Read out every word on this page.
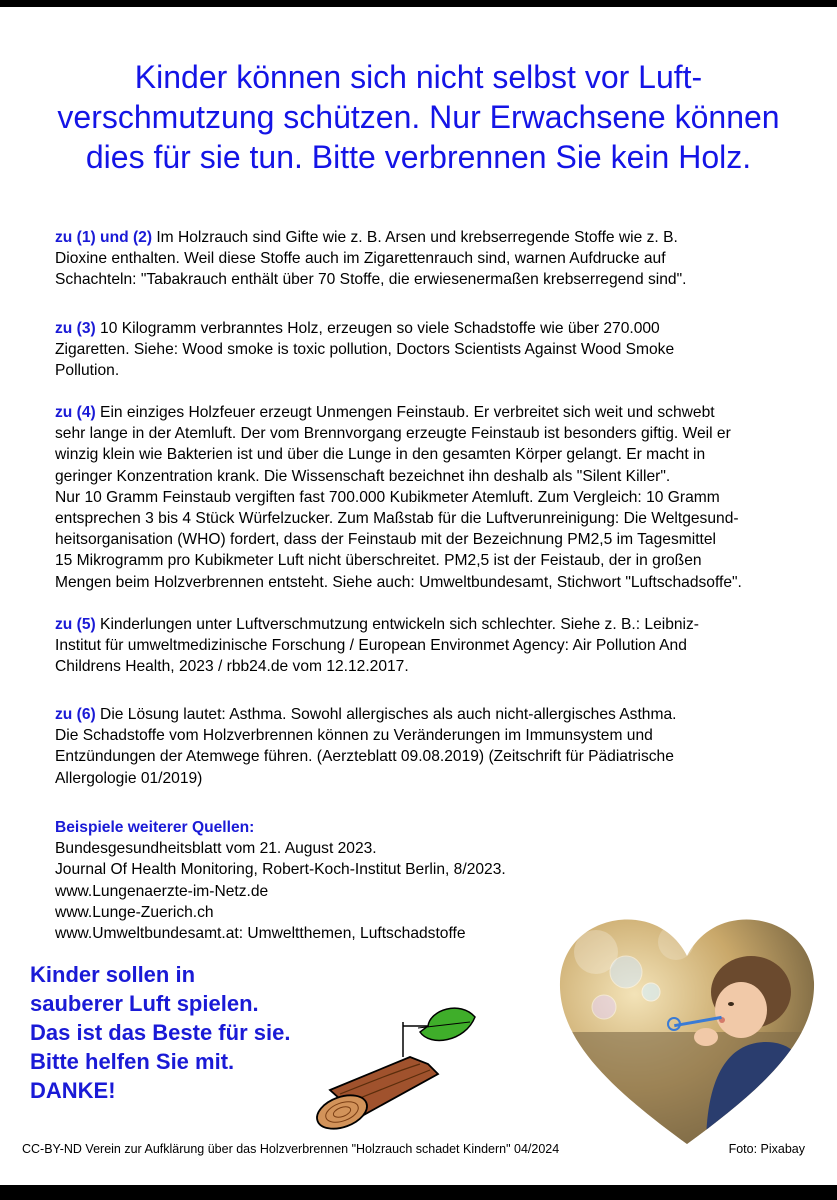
Kinder können sich nicht selbst vor Luft-
verschmutzung schützen. Nur Erwachsene können
dies für sie tun. Bitte verbrennen Sie kein Holz.

zu (1) und (2) Im Holzrauch sind Gifte wie z. B. Arsen und krebserregende Stoffe wie z. B.
Dioxine enthalten. Weil diese Stoffe auch im Zigarettenrauch sind, warnen Aufdrucke auf
Schachteln: "Tabakrauch enthält über 70 Stoffe, die erwiesenermaßen krebserregend sind".

zu (3) 10 Kilogramm verbranntes Holz, erzeugen so viele Schadstoffe wie über 270.000
Zigaretten. Siehe: Wood smoke is toxic pollution, Doctors Scientists Against Wood Smoke
Pollution.

zu (4) Ein einziges Holzfeuer erzeugt Unmengen Feinstaub. Er verbreitet sich weit und schwebt
sehr lange in der Atemluft. Der vom Brennvorgang erzeugte Feinstaub ist besonders giftig. Weil er
winzig klein wie Bakterien ist und über die Lunge in den gesamten Körper gelangt. Er macht in
geringer Konzentration krank. Die Wissenschaft bezeichnet ihn deshalb als "Silent Killer".
Nur 10 Gramm Feinstaub vergiften fast 700.000 Kubikmeter Atemluft. Zum Vergleich: 10 Gramm
entsprechen 3 bis 4 Stück Würfelzucker. Zum Maßstab für die Luftverunreinigung: Die Weltgesund-
heitsorganisation (WHO) fordert, dass der Feinstaub mit der Bezeichnung PM2,5 im Tagesmittel
15 Mikrogramm pro Kubikmeter Luft nicht überschreitet. PM2,5 ist der Feistaub, der in großen
Mengen beim Holzverbrennen entsteht. Siehe auch: Umweltbundesamt, Stichwort "Luftschadsoffe".

zu (5) Kinderlungen unter Luftverschmutzung entwickeln sich schlechter. Siehe z. B.: Leibniz-
Institut für umweltmedizinische Forschung / European Environmet Agency: Air Pollution And
Childrens Health, 2023 / rbb24.de vom 12.12.2017.

zu (6) Die Lösung lautet: Asthma. Sowohl allergisches als auch nicht-allergisches Asthma.
Die Schadstoffe vom Holzverbrennen können zu Veränderungen im Immunsystem und
Entzündungen der Atemwege führen. (Aerzteblatt 09.08.2019) (Zeitschrift für Pädiatrische
Allergologie 01/2019)

Beispiele weiterer Quellen:
Bundesgesundheitsblatt vom 21. August 2023.
Journal Of Health Monitoring, Robert-Koch-Institut Berlin, 8/2023.
www.Lungenaerzte-im-Netz.de
www.Lunge-Zuerich.ch
www.Umweltbundesamt.at: Umweltthemen, Luftschadstoffe
Kinder sollen in
sauberer Luft spielen.
Das ist das Beste für sie.
Bitte helfen Sie mit.
DANKE!
CC-BY-ND Verein zur Aufklärung über das Holzverbrennen "Holzrauch schadet Kindern" 04/2024	Foto: Pixabay
